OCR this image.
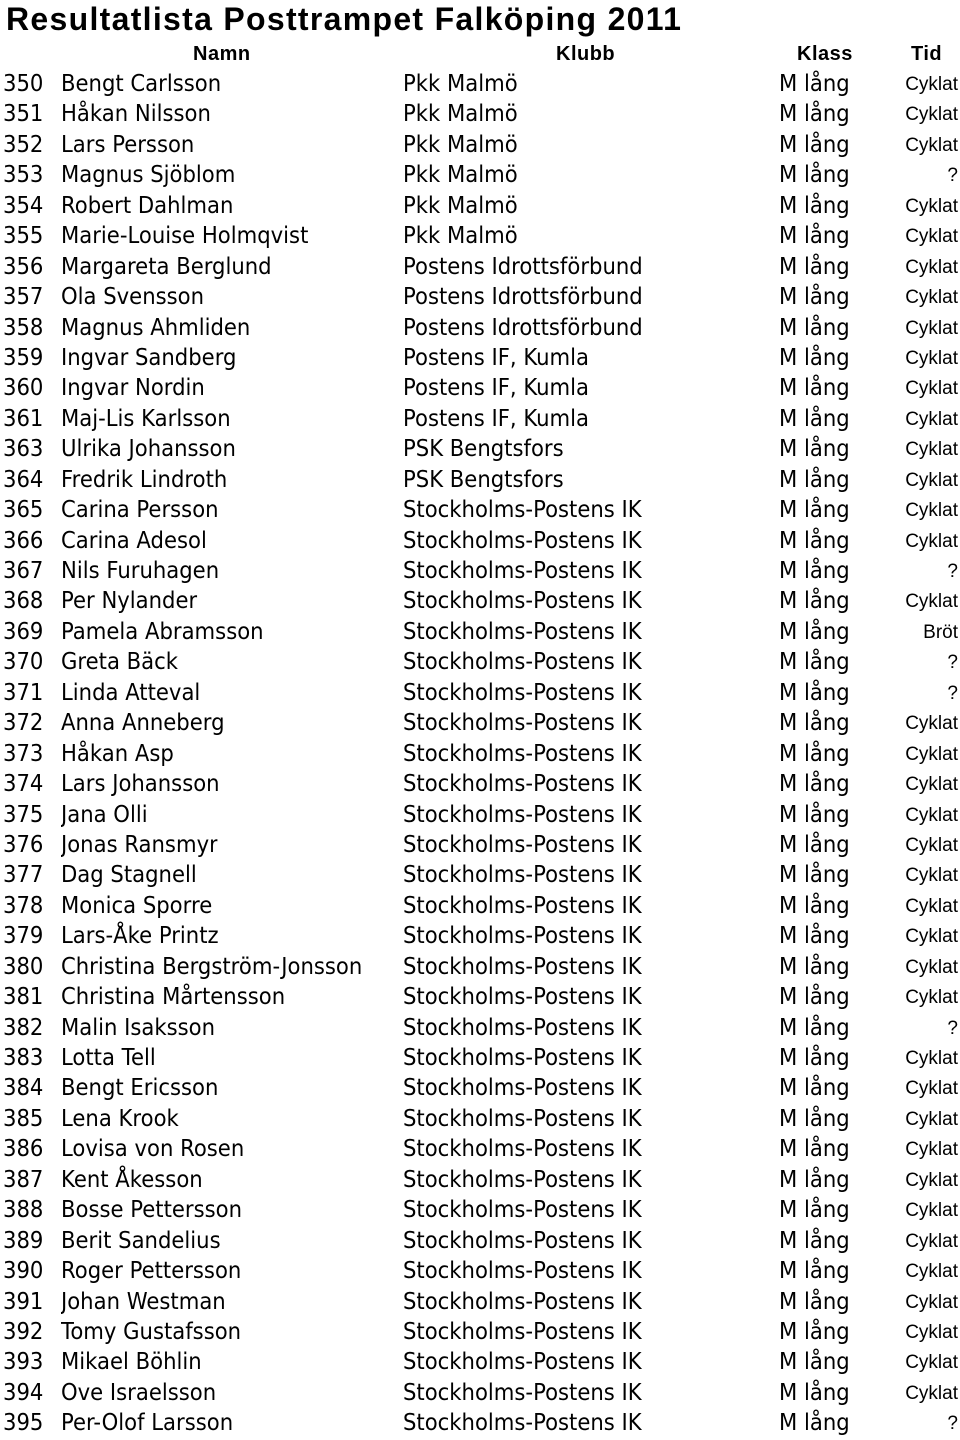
Resultatlista Posttrampet Falköping 2011
Namn	Klubb	Klass	Tid
350 Bengt Carlsson	Pkk Malmö	M lång	Cyklat
351 Håkan Nilsson	Pkk Malmö	M lång	Cyklat
352 Lars Persson	Pkk Malmö	M lång	Cyklat
353 Magnus Sjöblom	Pkk Malmö	M lång	?
354 Robert Dahlman	Pkk Malmö	M lång	Cyklat
355 Marie-Louise Holmqvist	Pkk Malmö	M lång	Cyklat
356 Margareta Berglund	Postens Idrottsförbund	M lång	Cyklat
357 Ola Svensson	Postens Idrottsförbund	M lång	Cyklat
358 Magnus Ahmliden	Postens Idrottsförbund	M lång	Cyklat
359 Ingvar Sandberg	Postens IF, Kumla	M lång	Cyklat
360 Ingvar Nordin	Postens IF, Kumla	M lång	Cyklat
361 Maj-Lis Karlsson	Postens IF, Kumla	M lång	Cyklat
363 Ulrika Johansson	PSK Bengtsfors	M lång	Cyklat
364 Fredrik Lindroth	PSK Bengtsfors	M lång	Cyklat
365 Carina Persson	Stockholms-Postens IK	M lång	Cyklat
366 Carina Adesol	Stockholms-Postens IK	M lång	Cyklat
367 Nils Furuhagen	Stockholms-Postens IK	M lång	?
368 Per Nylander	Stockholms-Postens IK	M lång	Cyklat
369 Pamela Abramsson	Stockholms-Postens IK	M lång	Bröt
370 Greta Bäck	Stockholms-Postens IK	M lång	?
371 Linda Atteval	Stockholms-Postens IK	M lång	?
372 Anna Anneberg	Stockholms-Postens IK	M lång	Cyklat
373 Håkan Asp	Stockholms-Postens IK	M lång	Cyklat
374 Lars Johansson	Stockholms-Postens IK	M lång	Cyklat
375 Jana Olli	Stockholms-Postens IK	M lång	Cyklat
376 Jonas Ransmyr	Stockholms-Postens IK	M lång	Cyklat
377 Dag Stagnell	Stockholms-Postens IK	M lång	Cyklat
378 Monica Sporre	Stockholms-Postens IK	M lång	Cyklat
379 Lars-Åke Printz	Stockholms-Postens IK	M lång	Cyklat
380 Christina Bergström-Jonsson Stockholms-Postens IK	M lång	Cyklat
381 Christina Mårtensson	Stockholms-Postens IK	M lång	Cyklat
382 Malin Isaksson	Stockholms-Postens IK	M lång	?
383 Lotta Tell	Stockholms-Postens IK	M lång	Cyklat
384 Bengt Ericsson	Stockholms-Postens IK	M lång	Cyklat
385 Lena Krook	Stockholms-Postens IK	M lång	Cyklat
386 Lovisa von Rosen	Stockholms-Postens IK	M lång	Cyklat
387 Kent Åkesson	Stockholms-Postens IK	M lång	Cyklat
388 Bosse Pettersson	Stockholms-Postens IK	M lång	Cyklat
389 Berit Sandelius	Stockholms-Postens IK	M lång	Cyklat
390 Roger Pettersson	Stockholms-Postens IK	M lång	Cyklat
391 Johan Westman	Stockholms-Postens IK	M lång	Cyklat
392 Tomy Gustafsson	Stockholms-Postens IK	M lång	Cyklat
393 Mikael Böhlin	Stockholms-Postens IK	M lång	Cyklat
394 Ove Israelsson	Stockholms-Postens IK	M lång	Cyklat
395 Per-Olof Larsson	Stockholms-Postens IK	M lång	?
